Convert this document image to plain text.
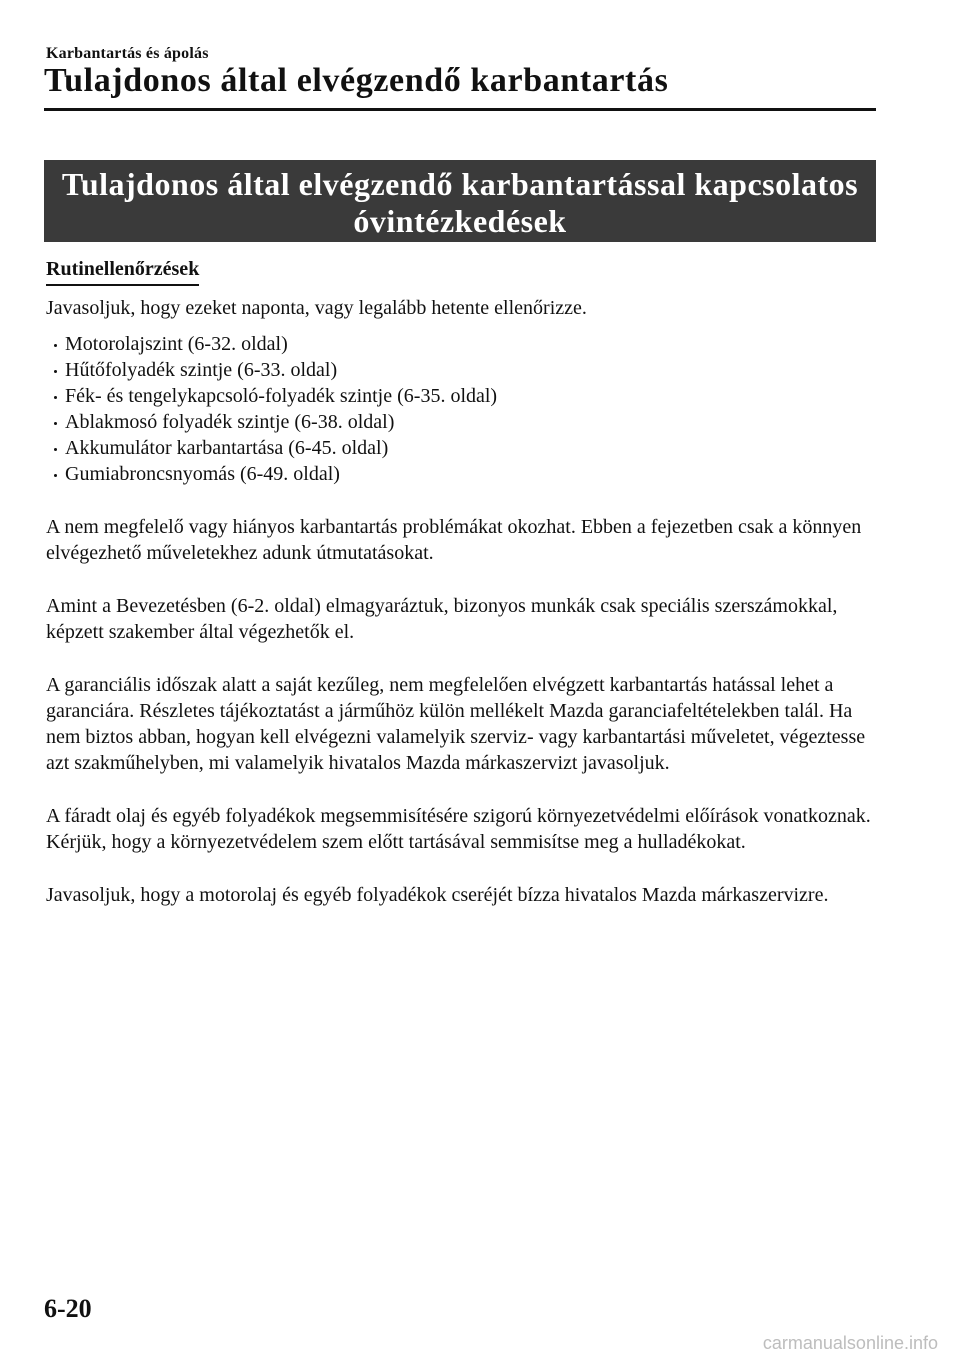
Karbantartás és ápolás
Tulajdonos által elvégzendő karbantartás
Tulajdonos által elvégzendő karbantartással kapcsolatos
óvintézkedések
Rutinellenőrzések

Javasoljuk, hogy ezeket naponta, vagy legalább hetente ellenőrizze.

Motorolajszint (6-32. oldal)
Hűtőfolyadék szintje (6-33. oldal)
Fék- és tengelykapcsoló-folyadék szintje (6-35. oldal)
Ablakmosó folyadék szintje (6-38. oldal)
Akkumulátor karbantartása (6-45. oldal)
Gumiabroncsnyomás (6-49. oldal)

A nem megfelelő vagy hiányos karbantartás problémákat okozhat. Ebben a fejezetben csak a könnyen elvégezhető műveletekhez adunk útmutatásokat.

Amint a Bevezetésben (6-2. oldal) elmagyaráztuk, bizonyos munkák csak speciális szerszámokkal, képzett szakember által végezhetők el.

A garanciális időszak alatt a saját kezűleg, nem megfelelően elvégzett karbantartás hatással lehet a garanciára. Részletes tájékoztatást a járműhöz külön mellékelt Mazda garanciafeltételekben talál. Ha nem biztos abban, hogyan kell elvégezni valamelyik szerviz- vagy karbantartási műveletet, végeztesse azt szakműhelyben, mi valamelyik hivatalos Mazda márkaszervizt javasoljuk.

A fáradt olaj és egyéb folyadékok megsemmisítésére szigorú környezetvédelmi előírások vonatkoznak. Kérjük, hogy a környezetvédelem szem előtt tartásával semmisítse meg a hulladékokat.

Javasoljuk, hogy a motorolaj és egyéb folyadékok cseréjét bízza hivatalos Mazda márkaszervizre.

6-20
carmanualsonline.info
